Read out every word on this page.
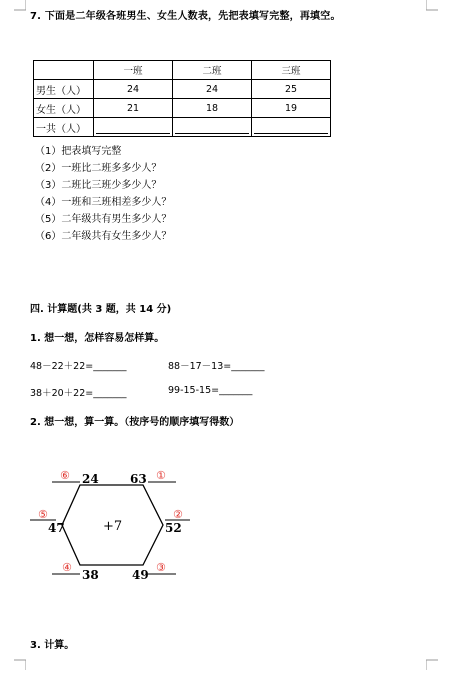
7. 下面是二年级各班男生、女生人数表，先把表填写完整，再填空。
	一班	二班	三班
男生（人）	24	24	25
女生（人）	21	18	19
一共（人）			
（1）把表填写完整
（2）一班比二班多多少人？
（3）二班比三班少多少人？
（4）一班和三班相差多少人？
（5）二年级共有男生多少人？
（6）二年级共有女生多少人？
四. 计算题(共 3 题，共 14 分)
1. 想一想，怎样容易怎样算。
48－22＋22=_______	88－17－13=_______
38＋20＋22=_______	99-15-15=_______
2. 想一想，算一算。（按序号的顺序填写得数）
+7
63
52
49
38
47
24	①
②
③
④
⑤
⑥
3. 计算。
